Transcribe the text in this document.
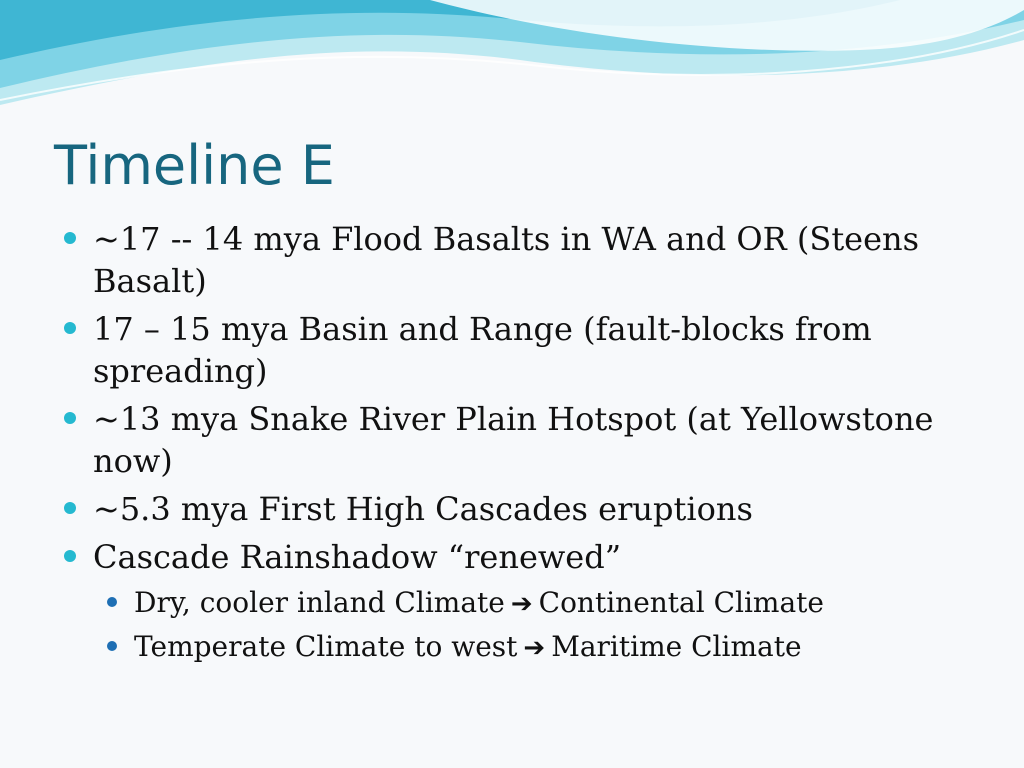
Timeline E
~17 -- 14 mya Flood Basalts in WA and OR (Steens Basalt)
17 – 15 mya Basin and Range (fault-blocks from spreading)
~13 mya Snake River Plain Hotspot (at Yellowstone now)
~5.3 mya First High Cascades eruptions
Cascade Rainshadow “renewed”
Dry, cooler inland Climate ➔ Continental Climate
Temperate Climate to west ➔ Maritime Climate
